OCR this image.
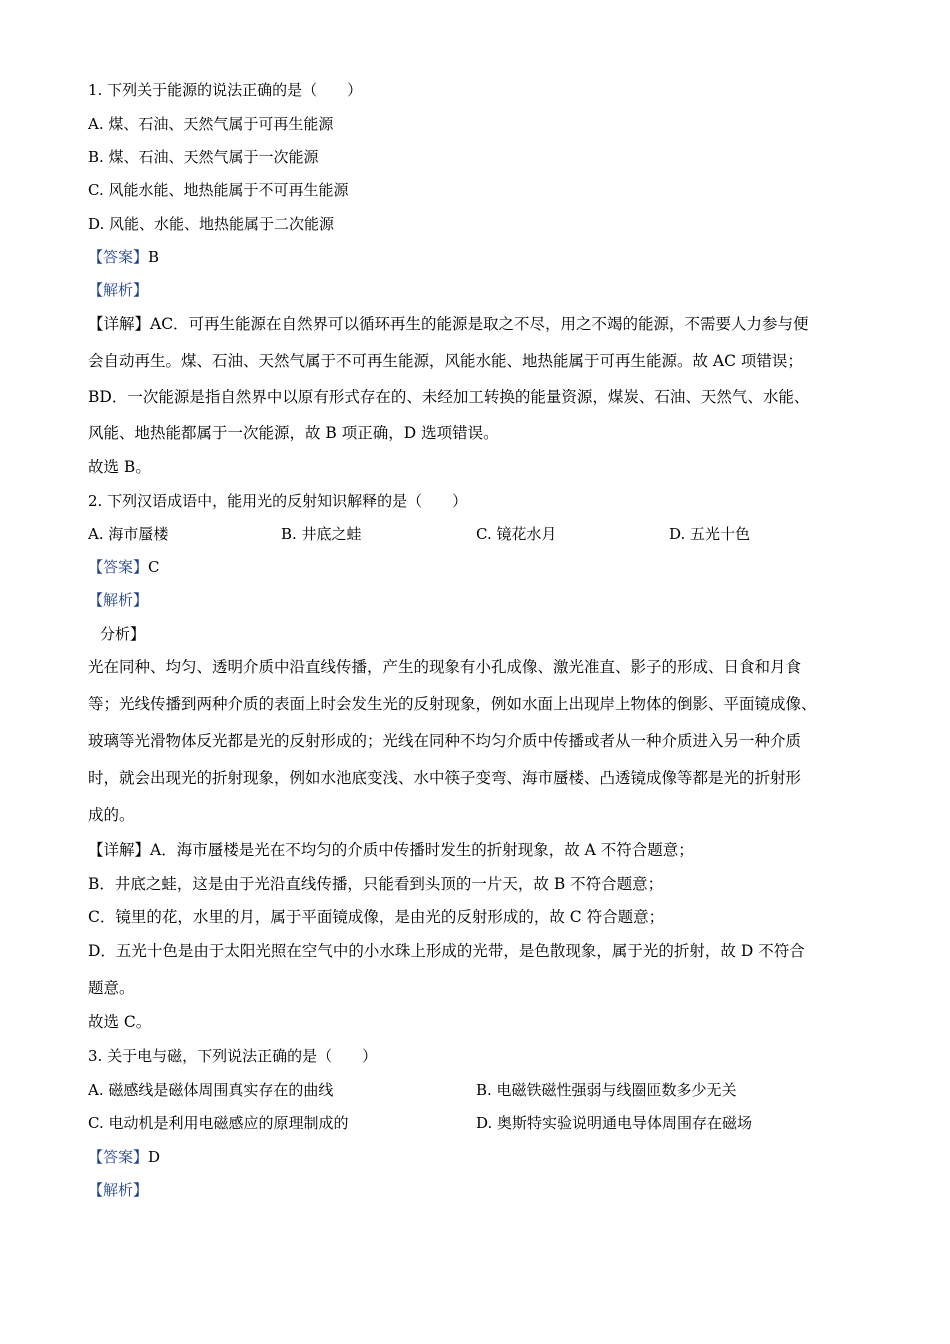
1. 下列关于能源的说法正确的是（　　）
A. 煤、石油、天然气属于可再生能源
B. 煤、石油、天然气属于一次能源
C. 风能水能、地热能属于不可再生能源
D. 风能、水能、地热能属于二次能源
【答案】B
【解析】
【详解】AC．可再生能源在自然界可以循环再生的能源是取之不尽，用之不竭的能源，不需要人力参与便
会自动再生。煤、石油、天然气属于不可再生能源，风能水能、地热能属于可再生能源。故 AC 项错误；
BD．一次能源是指自然界中以原有形式存在的、未经加工转换的能量资源，煤炭、石油、天然气、水能、
风能、地热能都属于一次能源，故 B 项正确，D 选项错误。
故选 B。
2. 下列汉语成语中，能用光的反射知识解释的是（　　）
A. 海市蜃楼	B. 井底之蛙	C. 镜花水月	D. 五光十色
【答案】C
【解析】
分析】
光在同种、均匀、透明介质中沿直线传播，产生的现象有小孔成像、激光准直、影子的形成、日食和月食
等；光线传播到两种介质的表面上时会发生光的反射现象，例如水面上出现岸上物体的倒影、平面镜成像、
玻璃等光滑物体反光都是光的反射形成的；光线在同种不均匀介质中传播或者从一种介质进入另一种介质
时，就会出现光的折射现象，例如水池底变浅、水中筷子变弯、海市蜃楼、凸透镜成像等都是光的折射形
成的。
【详解】A．海市蜃楼是光在不均匀的介质中传播时发生的折射现象，故 A 不符合题意；
B．井底之蛙，这是由于光沿直线传播，只能看到头顶的一片天，故 B 不符合题意；
C．镜里的花，水里的月，属于平面镜成像，是由光的反射形成的，故 C 符合题意；
D．五光十色是由于太阳光照在空气中的小水珠上形成的光带，是色散现象，属于光的折射，故 D 不符合
题意。
故选 C。
3. 关于电与磁，下列说法正确的是（　　）
A. 磁感线是磁体周围真实存在的曲线	B. 电磁铁磁性强弱与线圈匝数多少无关
C. 电动机是利用电磁感应的原理制成的	D. 奥斯特实验说明通电导体周围存在磁场
【答案】D
【解析】
